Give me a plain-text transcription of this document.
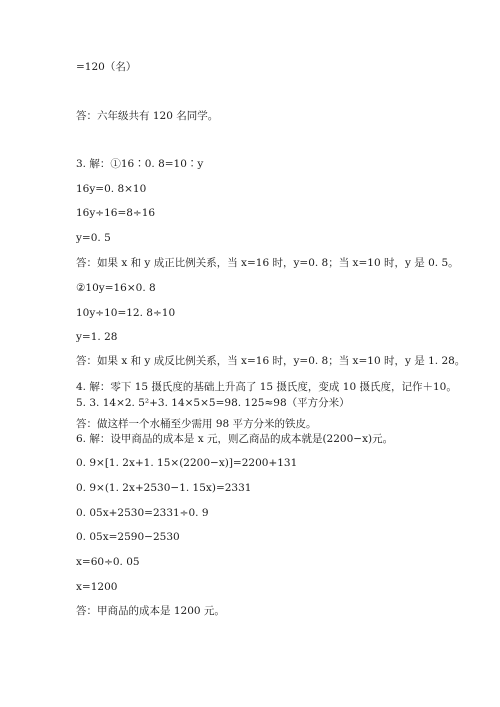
=120（名）
答：六年级共有 120 名同学。
3. 解：①16∶0. 8=10∶y
16y=0. 8×10
16y÷16=8÷16
y=0. 5
答：如果 x 和 y 成正比例关系，当 x=16 时，y=0. 8；当 x=10 时，y 是 0. 5。
②10y=16×0. 8
10y÷10=12. 8÷10
y=1. 28
答：如果 x 和 y 成反比例关系，当 x=16 时，y=0. 8；当 x=10 时，y 是 1. 28。
4. 解：零下 15 摄氏度的基础上升高了 15 摄氏度，变成 10 摄氏度，记作＋10。
5. 3. 14×2. 5²+3. 14×5×5=98. 125≈98（平方分米）
答：做这样一个水桶至少需用 98 平方分米的铁皮。
6. 解：设甲商品的成本是 x 元，则乙商品的成本就是(2200−x)元。
0. 9×[1. 2x+1. 15×(2200−x)]=2200+131
0. 9×(1. 2x+2530−1. 15x)=2331
0. 05x+2530=2331÷0. 9
0. 05x=2590−2530
x=60÷0. 05
x=1200
答：甲商品的成本是 1200 元。
